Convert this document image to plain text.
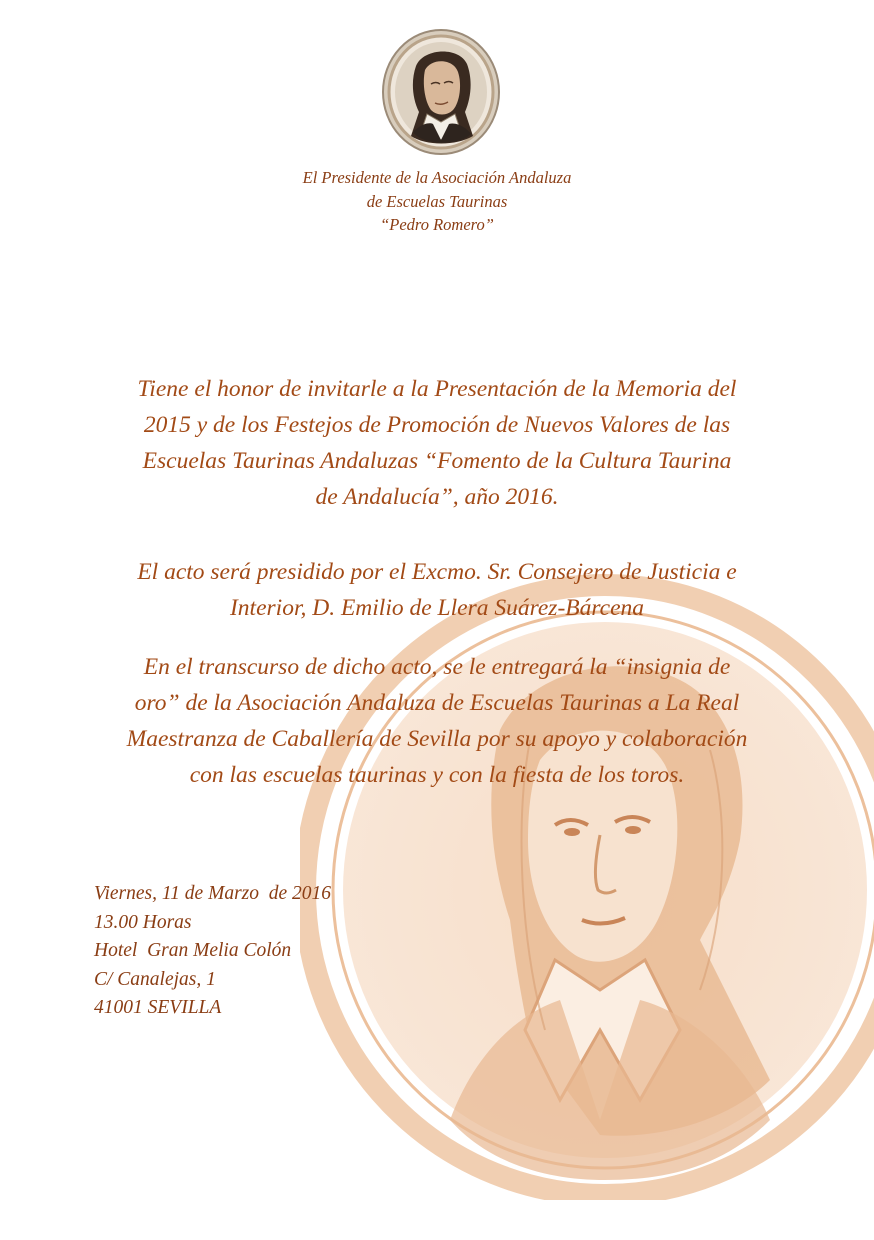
El Presidente de la Asociación Andaluza
de Escuelas Taurinas
“Pedro Romero”
Tiene el honor de invitarle a la Presentación de la Memoria del
2015 y de los Festejos de Promoción de Nuevos Valores de las
Escuelas Taurinas Andaluzas “Fomento de la Cultura Taurina
de Andalucía”, año 2016.
El acto será presidido por el Excmo. Sr. Consejero de Justicia e
Interior, D. Emilio de Llera Suárez-Bárcena
En el transcurso de dicho acto, se le entregará la “insignia de
oro” de la Asociación Andaluza de Escuelas Taurinas a La Real
Maestranza de Caballería de Sevilla por su apoyo y colaboración
con las escuelas taurinas y con la fiesta de los toros.
Viernes, 11 de Marzo  de 2016
13.00 Horas
Hotel  Gran Melia Colón
C/ Canalejas, 1
41001 SEVILLA
